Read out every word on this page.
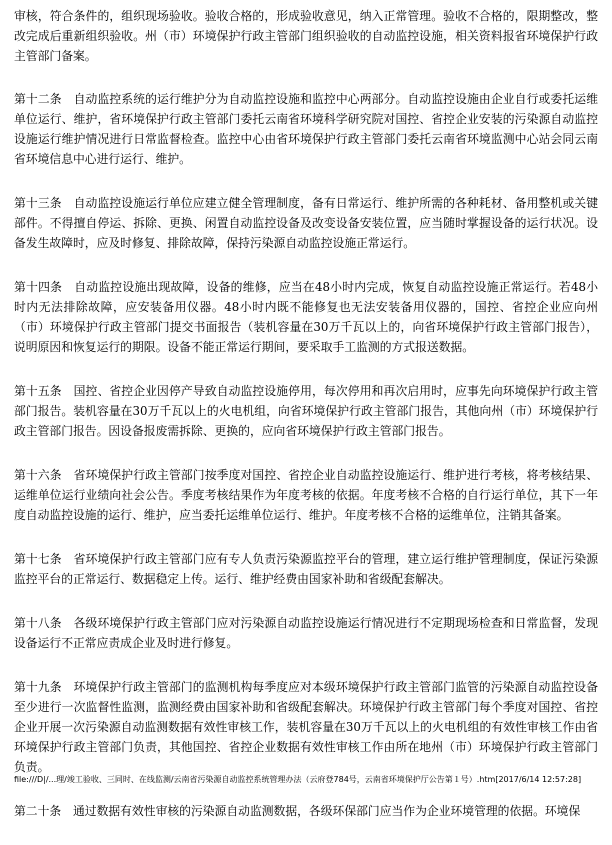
审核，符合条件的，组织现场验收。验收合格的，形成验收意见，纳入正常管理。验收不合格的，限期整改，整改完成后重新组织验收。州（市）环境保护行政主管部门组织验收的自动监控设施，相关资料报省环境保护行政主管部门备案。

第十二条　自动监控系统的运行维护分为自动监控设施和监控中心两部分。自动监控设施由企业自行或委托运维单位运行、维护，省环境保护行政主管部门委托云南省环境科学研究院对国控、省控企业安装的污染源自动监控设施运行维护情况进行日常监督检查。监控中心由省环境保护行政主管部门委托云南省环境监测中心站会同云南省环境信息中心进行运行、维护。

第十三条　自动监控设施运行单位应建立健全管理制度，备有日常运行、维护所需的各种耗材、备用整机或关键部件。不得擅自停运、拆除、更换、闲置自动监控设备及改变设备安装位置，应当随时掌握设备的运行状况。设备发生故障时，应及时修复、排除故障，保持污染源自动监控设施正常运行。

第十四条　自动监控设施出现故障，设备的维修，应当在48小时内完成，恢复自动监控设施正常运行。若48小时内无法排除故障，应安装备用仪器。48小时内既不能修复也无法安装备用仪器的，国控、省控企业应向州（市）环境保护行政主管部门提交书面报告（装机容量在30万千瓦以上的，向省环境保护行政主管部门报告），说明原因和恢复运行的期限。设备不能正常运行期间，要采取手工监测的方式报送数据。

第十五条　国控、省控企业因停产导致自动监控设施停用，每次停用和再次启用时，应事先向环境保护行政主管部门报告。装机容量在30万千瓦以上的火电机组，向省环境保护行政主管部门报告，其他向州（市）环境保护行政主管部门报告。因设备报废需拆除、更换的，应向省环境保护行政主管部门报告。

第十六条　省环境保护行政主管部门按季度对国控、省控企业自动监控设施运行、维护进行考核，将考核结果、运维单位运行业绩向社会公告。季度考核结果作为年度考核的依据。年度考核不合格的自行运行单位，其下一年度自动监控设施的运行、维护，应当委托运维单位运行、维护。年度考核不合格的运维单位，注销其备案。

第十七条　省环境保护行政主管部门应有专人负责污染源监控平台的管理，建立运行维护管理制度，保证污染源监控平台的正常运行、数据稳定上传。运行、维护经费由国家补助和省级配套解决。

第十八条　各级环境保护行政主管部门应对污染源自动监控设施运行情况进行不定期现场检查和日常监督，发现设备运行不正常应责成企业及时进行修复。

第十九条　环境保护行政主管部门的监测机构每季度应对本级环境保护行政主管部门监管的污染源自动监控设备至少进行一次监督性监测，监测经费由国家补助和省级配套解决。环境保护行政主管部门每个季度对国控、省控企业开展一次污染源自动监测数据有效性审核工作，装机容量在30万千瓦以上的火电机组的有效性审核工作由省环境保护行政主管部门负责，其他国控、省控企业数据有效性审核工作由所在地州（市）环境保护行政主管部门负责。

第二十条　通过数据有效性审核的污染源自动监测数据，各级环保部门应当作为企业环境管理的依据。环境保

file:///D|/...理/竣工验收、三同时、在线监测/云南省污染源自动监控系统管理办法（云府登784号，云南省环境保护厅公告第１号）.htm[2017/6/14 12:57:28]
